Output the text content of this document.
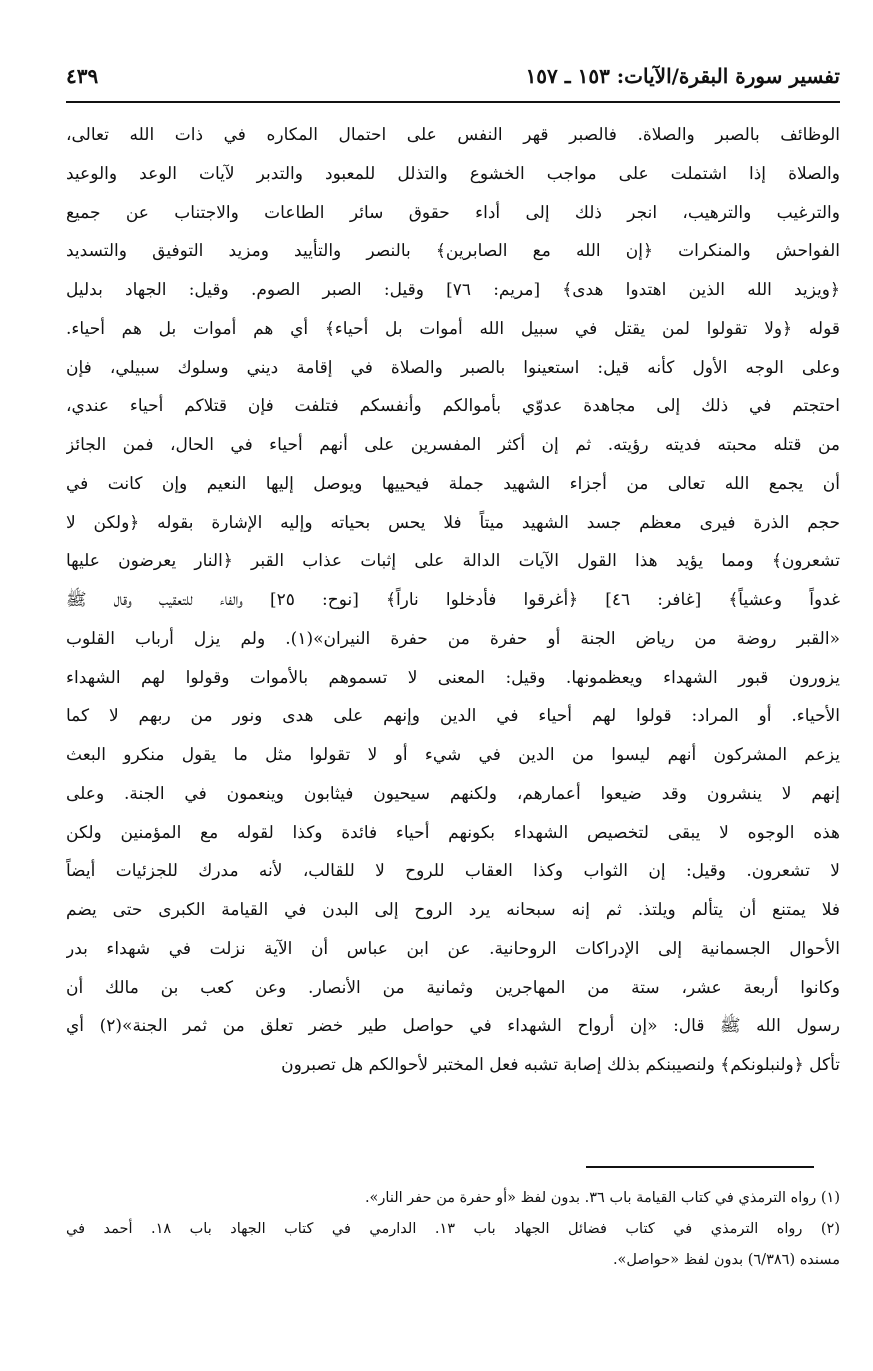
تفسير سورة البقرة/الآيات: ١٥٣ ـ ١٥٧
٤٣٩
الوظائف بالصبر والصلاة. فالصبر قهر النفس على احتمال المكاره في ذات الله تعالى،
والصلاة إذا اشتملت على مواجب الخشوع والتذلل للمعبود والتدبر لآيات الوعد والوعيد
والترغيب والترهيب، انجر ذلك إلى أداء حقوق سائر الطاعات والاجتناب عن جميع
الفواحش والمنكرات ﴿إن الله مع الصابرين﴾ بالنصر والتأييد ومزيد التوفيق والتسديد
﴿ويزيد الله الذين اهتدوا هدى﴾ [مريم: ٧٦] وقيل: الصبر الصوم. وقيل: الجهاد بدليل
قوله ﴿ولا تقولوا لمن يقتل في سبيل الله أموات بل أحياء﴾ أي هم أموات بل هم أحياء.
وعلى الوجه الأول كأنه قيل: استعينوا بالصبر والصلاة في إقامة ديني وسلوك سبيلي، فإن
احتجتم في ذلك إلى مجاهدة عدوّي بأموالكم وأنفسكم فتلفت فإن قتلاكم أحياء عندي،
من قتله محبته فديته رؤيته. ثم إن أكثر المفسرين على أنهم أحياء في الحال، فمن الجائز
أن يجمع الله تعالى من أجزاء الشهيد جملة فيحييها ويوصل إليها النعيم وإن كانت في
حجم الذرة فيرى معظم جسد الشهيد ميتاً فلا يحس بحياته وإليه الإشارة بقوله ﴿ولكن لا
تشعرون﴾ ومما يؤيد هذا القول الآيات الدالة على إثبات عذاب القبر ﴿النار يعرضون عليها
غدواً وعشياً﴾ [غافر: ٤٦] ﴿أغرقوا فأدخلوا ناراً﴾ [نوح: ٢٥] والفاء للتعقيب وقال ﷺ
«القبر روضة من رياض الجنة أو حفرة من حفرة النيران»(١). ولم يزل أرباب القلوب
يزورون قبور الشهداء ويعظمونها. وقيل: المعنى لا تسموهم بالأموات وقولوا لهم الشهداء
الأحياء. أو المراد: قولوا لهم أحياء في الدين وإنهم على هدى ونور من ربهم لا كما
يزعم المشركون أنهم ليسوا من الدين في شيء أو لا تقولوا مثل ما يقول منكرو البعث
إنهم لا ينشرون وقد ضيعوا أعمارهم، ولكنهم سيحيون فيثابون وينعمون في الجنة. وعلى
هذه الوجوه لا يبقى لتخصيص الشهداء بكونهم أحياء فائدة وكذا لقوله مع المؤمنين ولكن
لا تشعرون. وقيل: إن الثواب وكذا العقاب للروح لا للقالب، لأنه مدرك للجزئيات أيضاً
فلا يمتنع أن يتألم ويلتذ. ثم إنه سبحانه يرد الروح إلى البدن في القيامة الكبرى حتى يضم
الأحوال الجسمانية إلى الإدراكات الروحانية. عن ابن عباس أن الآية نزلت في شهداء بدر
وكانوا أربعة عشر، ستة من المهاجرين وثمانية من الأنصار. وعن كعب بن مالك أن
رسول الله ﷺ قال: «إن أرواح الشهداء في حواصل طير خضر تعلق من ثمر الجنة»(٢) أي
تأكل ﴿ولنبلونكم﴾ ولنصيبنكم بذلك إصابة تشبه فعل المختبر لأحوالكم هل تصبرون
(١) رواه الترمذي في كتاب القيامة باب ٣٦. بدون لفظ «أو حفرة من حفر النار».
(٢) رواه الترمذي في كتاب فضائل الجهاد باب ١٣. الدارمي في كتاب الجهاد باب ١٨. أحمد في
مسنده (٦/٣٨٦) بدون لفظ «حواصل».
